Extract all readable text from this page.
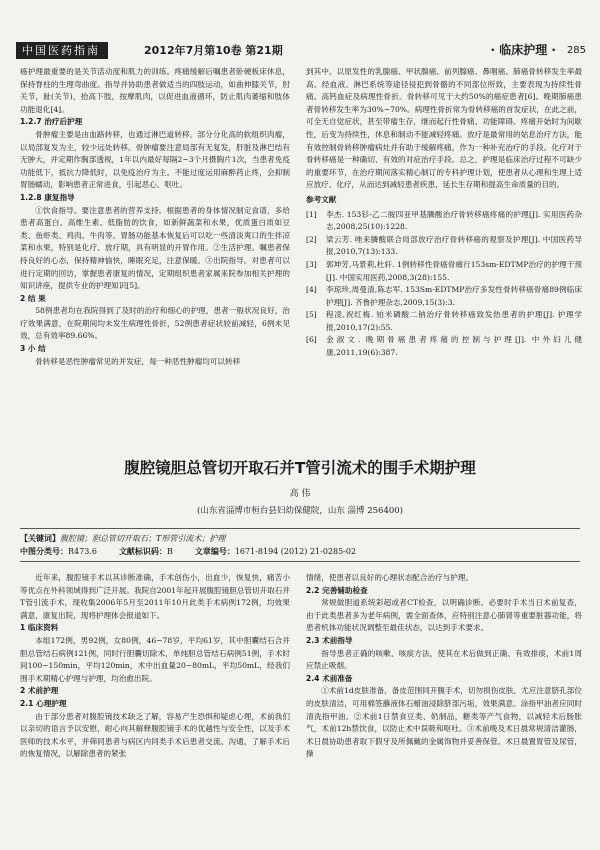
中国医药指南	2012年7月第10卷 第21期	· 临床护理 · 285

癌护理最重要的是关节活动度和肌力的训练。疼痛缓解后嘱患者卧硬板床休息，保持脊柱的生理弯曲度。指导并协助患者做适当的四肢运动，如曲伸膝关节，肘关节，趾(关节)，抬高下肢，按摩肌肉，以促进血液循环，防止肌肉萎缩和肢体功能退化[4]。

1.2.7 治疗后护理

骨肿瘤主要是由血路转移，也通过淋巴道转移。部分分化高的软组织肉瘤，以局部复发为主，较少远处转移。骨肿瘤要注意局部有无复发，肝脏及淋巴结有无肿大，并定期作胸部透视，1年以内最好每隔2~3个月摄胸片1次，当患者免疫功能低下，抵抗力降低时，以免疫治疗为主。不能过度运用麻醉药止疼，会抑制胃肠蠕动，影响患者正常进食，引起恶心、呕吐。

1.2.8 康复指导

①饮食指导。要注意患者的营养支持。根据患者的身体情况制定食谱，多给患者高蛋白、高维生素、低脂肪的饮食，如新鲜蔬菜和水果，优质蛋白质如豆类、鱼虾类、鸡肉、牛肉等。胃肠功能基本恢复后可以吃一些清淡爽口的生拌凉菜和水果，特别是化疗、放疗期，具有明显的开胃作用。②生活护理。嘱患者保持良好的心态，保持精神愉快，睡眠充足，注意保暖。③出院指导。对患者可以进行定期的回访，掌握患者康复的情况，定期组织患者家属来院参加相关护理的知识讲座，提供专业的护理知识[5]。

2 结 果

58例患者均在我院得到了及时的治疗和细心的护理，患者一般状况良好，治疗效果满意，在院期间均未发生病理性骨折，52例患者症状较前减轻，6例未见效，总有效率89.66%。

3 小 结

骨转移是恶性肿瘤常见的并发症，每一种恶性肿瘤均可以转移

到其中。以原发性的乳腺癌、甲状腺癌、前列腺癌、鼻咽癌、肺癌骨转移发生率最高。经血液、淋巴系统等途径侵犯到骨骼的不同部位所致，主要表现为持续性骨痛、高钙血症及病理性骨折。骨转移可见于大约50%的癌症患者[6]。晚期肺癌患者骨转移发生率为30%~70%。病理性骨折常为骨转移癌的首发症状，在此之前，可全无自觉症状，甚至带瘤生存，继而起行性骨痛、功能障碍。疼痛开始时为间歇性，后变为持续性，休息和制动不能减轻疼痛。放疗是最常用的姑息治疗方法，能有效控制骨转移肿瘤病灶并有助于缓解疼痛，作为一种补充治疗的手段。化疗对于骨转移癌是一种确切、有效的对症治疗手段。总之，护理是临床治疗过程不可缺少的重要环节，在治疗期间落实精心制订的专科护理计划，使患者从心理和生理上适应放疗、化疗，从而达到减轻患者疾患，延长生存期和提高生命质量的目的。

参考文献
[1]	李杰. 153钐-乙二胺四亚甲基膦酸治疗骨转移癌疼痛的护理[J]. 实用医药杂志,2008,25(10):1228.
[2]	梁云芳. 唑来膦酸联合局部放疗治疗骨转移癌的观察及护理[J]. 中国医药导报,2010,7(13):133.
[3]	郭坤芳,马景莉,杜轩. 1例转移性骨癌骨痛行153sm-EDTMP治疗的护理干预[J]. 中国实用医药,2008,3(28):155.
[4]	李琼珍,周曼清,陈志军. 153Sm-EDTMP治疗多发性骨转移癌骨痛89例临床护理[J]. 齐鲁护理杂志,2009,15(3):3.
[5]	程凌,祝红梅. 铂米磷酸二钠治疗骨转移癌致发热患者的护理[J]. 护理学报,2010,17(2):55.
[6]	金淑文. 晚期骨癌患者疼痛的控制与护理[J]. 中外妇儿健康,2011,19(6):387.
腹腔镜胆总管切开取石并T管引流术的围手术期护理
高 伟
(山东省淄博市桓台县妇幼保健院，山东 淄博 256400)
【关键词】腹腔镜；胆总管切开取石；T形管引流术；护理
中图分类号：R473.6	文献标识码：B	文章编号：1671-8194 (2012) 21-0285-02

近年来，腹腔镜手术以其诊断准确，手术创伤小，出血少，恢复快，痛苦小等优点在外科领域得到广泛开展。我院自2001年起开展腹腔镜胆总管切开取石并T管引流手术，现收集2006年5月至2011年10月此类手术病例172例，均效果满意，康复出院，现将护理体会报道如下。

1 临床资料

本组172例，男92例，女80例，46~78岁，平均61岁，其中胆囊结石合并胆总管结石病例121例，同时行胆囊切除术，单纯胆总管结石病例51例，手术时间100~150min，平均120min，术中出血量20~80mL，平均50mL，经我们围手术期精心护理与护理，均治愈出院。

2 术前护理

2.1 心理护理

由于部分患者对腹腔镜技术缺乏了解，容易产生恐惧和疑虑心理，术前我们以亲切的语言予以安慰，耐心向其解释腹腔镜手术的优越性与安全性，以及手术医师的技术水平，并筛同患者与病区内同类手术后患者交流、沟通，了解手术后的恢复情况，以解除患者的紧张

情绪，使患者以良好的心理状态配合治疗与护理。

2.2 完善辅助检查

常规做胆道系统彩超或者CT检查，以明确诊断。必要时手术当日术前复查，由于此类患者多为老年病例，需全面查体，应特别注意心肺肾等重要脏器功能，将患者机体功能状况调整至最佳状态，以达到手术要求。

2.3 术前指导

指导患者正确的咳嗽、咳痰方法，使其在术后做到正确、有效排痰，术前1周应禁止吸烟。

2.4 术前准备

①术前1d皮肤准备，备皮范围同开腹手术，切勿损伤皮肤，尤应注意脐孔部位的皮肤清洁，可用棉签蘸液体石蜡油浸除脐部污垢，效果满意。涂指甲油者应同时清洗指甲油。②术前1日禁食豆类、奶制品，糖类等产气食物，以减轻术后肠胀气，术前12h禁饮食，以防止术中误吸和呕吐。③术前晚及术日晨常规清洁灌肠，术日晨协助患者取下假牙及所佩戴的金属饰物并妥善保管。术日晨置胃管及尿管，操
